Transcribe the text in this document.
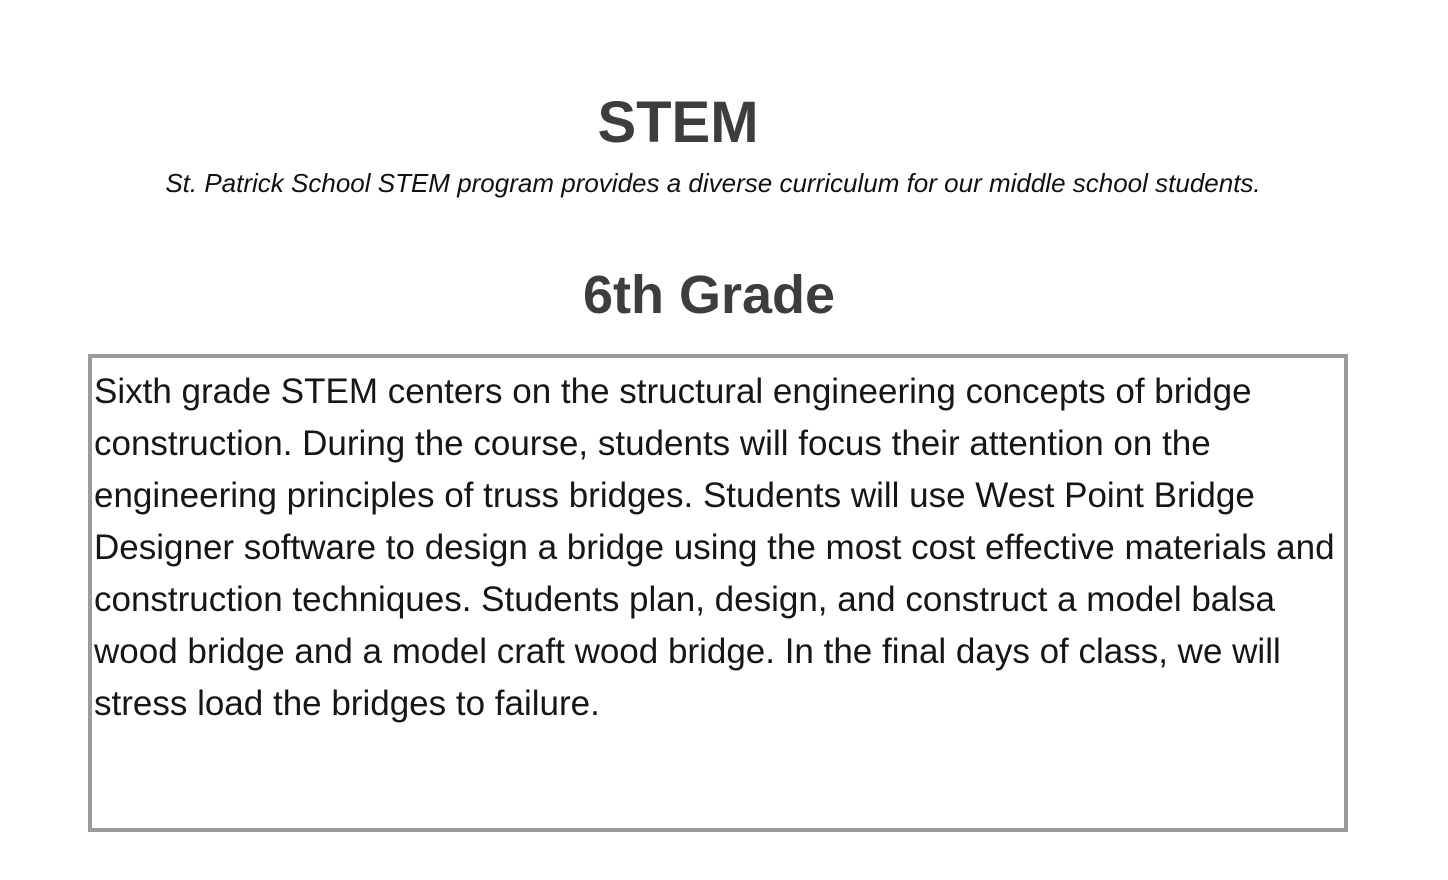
STEM

St. Patrick School STEM program provides a diverse curriculum for our middle school students.

6th Grade

Sixth grade STEM centers on the structural engineering concepts of bridge construction. During the course, students will focus their attention on the engineering principles of truss bridges. Students will use West Point Bridge Designer software to design a bridge using the most cost effective materials and construction techniques. Students plan, design, and construct a model balsa wood bridge and a model craft wood bridge. In the final days of class, we will stress load the bridges to failure.
